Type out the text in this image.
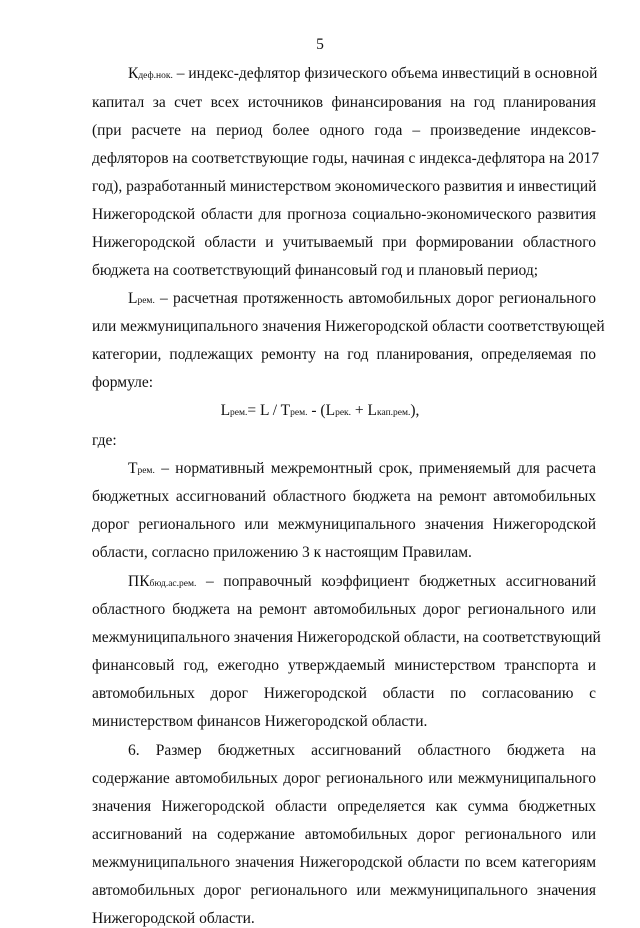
5
Кдеф.нок. – индекс-дефлятор физического объема инвестиций в основной
капитал за счет всех источников финансирования на год планирования
(при расчете на период более одного года – произведение индексов-
дефляторов на соответствующие годы, начиная с индекса-дефлятора на 2017
год), разработанный министерством экономического развития и инвестиций
Нижегородской области для прогноза социально-экономического развития
Нижегородской области и учитываемый при формировании областного
бюджета на соответствующий финансовый год и плановый период;
Lрем. – расчетная протяженность автомобильных дорог регионального
или межмуниципального значения Нижегородской области соответствующей
категории, подлежащих ремонту на год планирования, определяемая по
формуле:
Lрем.= L / Tрем. - (Lрек. + Lкап.рем.),
где:
Tрем. – нормативный межремонтный срок, применяемый для расчета
бюджетных ассигнований областного бюджета на ремонт автомобильных
дорог регионального или межмуниципального значения Нижегородской
области, согласно приложению 3 к настоящим Правилам.
ПКбюд.ас.рем. – поправочный коэффициент бюджетных ассигнований
областного бюджета на ремонт автомобильных дорог регионального или
межмуниципального значения Нижегородской области, на соответствующий
финансовый год, ежегодно утверждаемый министерством транспорта и
автомобильных дорог Нижегородской области по согласованию с
министерством финансов Нижегородской области.
6. Размер бюджетных ассигнований областного бюджета на
содержание автомобильных дорог регионального или межмуниципального
значения Нижегородской области определяется как сумма бюджетных
ассигнований на содержание автомобильных дорог регионального или
межмуниципального значения Нижегородской области по всем категориям
автомобильных дорог регионального или межмуниципального значения
Нижегородской области.
